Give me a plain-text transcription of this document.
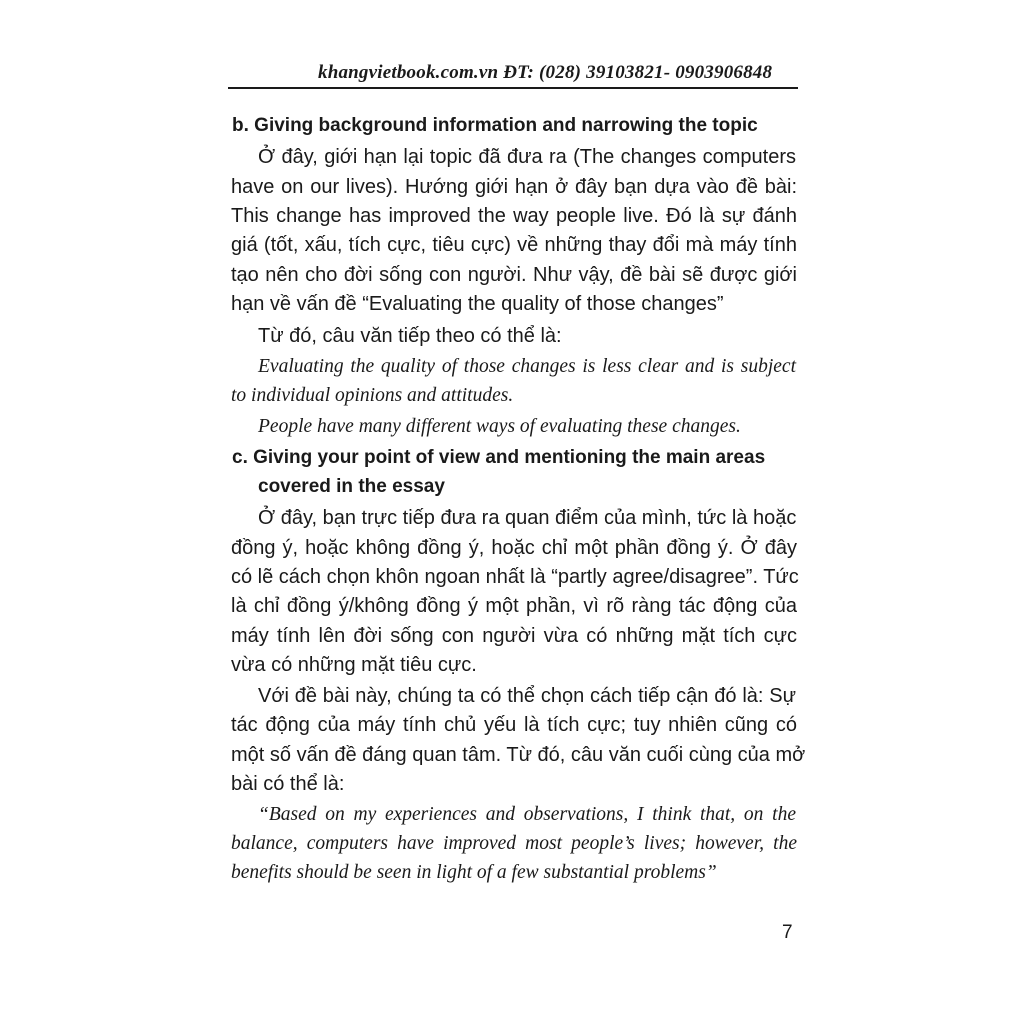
khangvietbook.com.vn ĐT: (028) 39103821- 0903906848
b. Giving background information and narrowing the topic
Ở đây, giới hạn lại topic đã đưa ra (The changes computers
have on our lives). Hướng giới hạn ở đây bạn dựa vào đề bài:
This change has improved the way people live. Đó là sự đánh
giá (tốt, xấu, tích cực, tiêu cực) về những thay đổi mà máy tính
tạo nên cho đời sống con người. Như vậy, đề bài sẽ được giới
hạn về vấn đề “Evaluating the quality of those changes”
Từ đó, câu văn tiếp theo có thể là:
Evaluating the quality of those changes is less clear and is subject
to individual opinions and attitudes.
People have many different ways of evaluating these changes.
c. Giving your point of view and mentioning the main areas
covered in the essay
Ở đây, bạn trực tiếp đưa ra quan điểm của mình, tức là hoặc
đồng ý, hoặc không đồng ý, hoặc chỉ một phần đồng ý. Ở đây
có lẽ cách chọn khôn ngoan nhất là “partly agree/disagree”. Tức
là chỉ đồng ý/không đồng ý một phần, vì rõ ràng tác động của
máy tính lên đời sống con người vừa có những mặt tích cực
vừa có những mặt tiêu cực.
Với đề bài này, chúng ta có thể chọn cách tiếp cận đó là: Sự
tác động của máy tính chủ yếu là tích cực; tuy nhiên cũng có
một số vấn đề đáng quan tâm. Từ đó, câu văn cuối cùng của mở
bài có thể là:
“Based on my experiences and observations, I think that, on the
balance, computers have improved most people’s lives; however, the
benefits should be seen in light of a few substantial problems”
7
